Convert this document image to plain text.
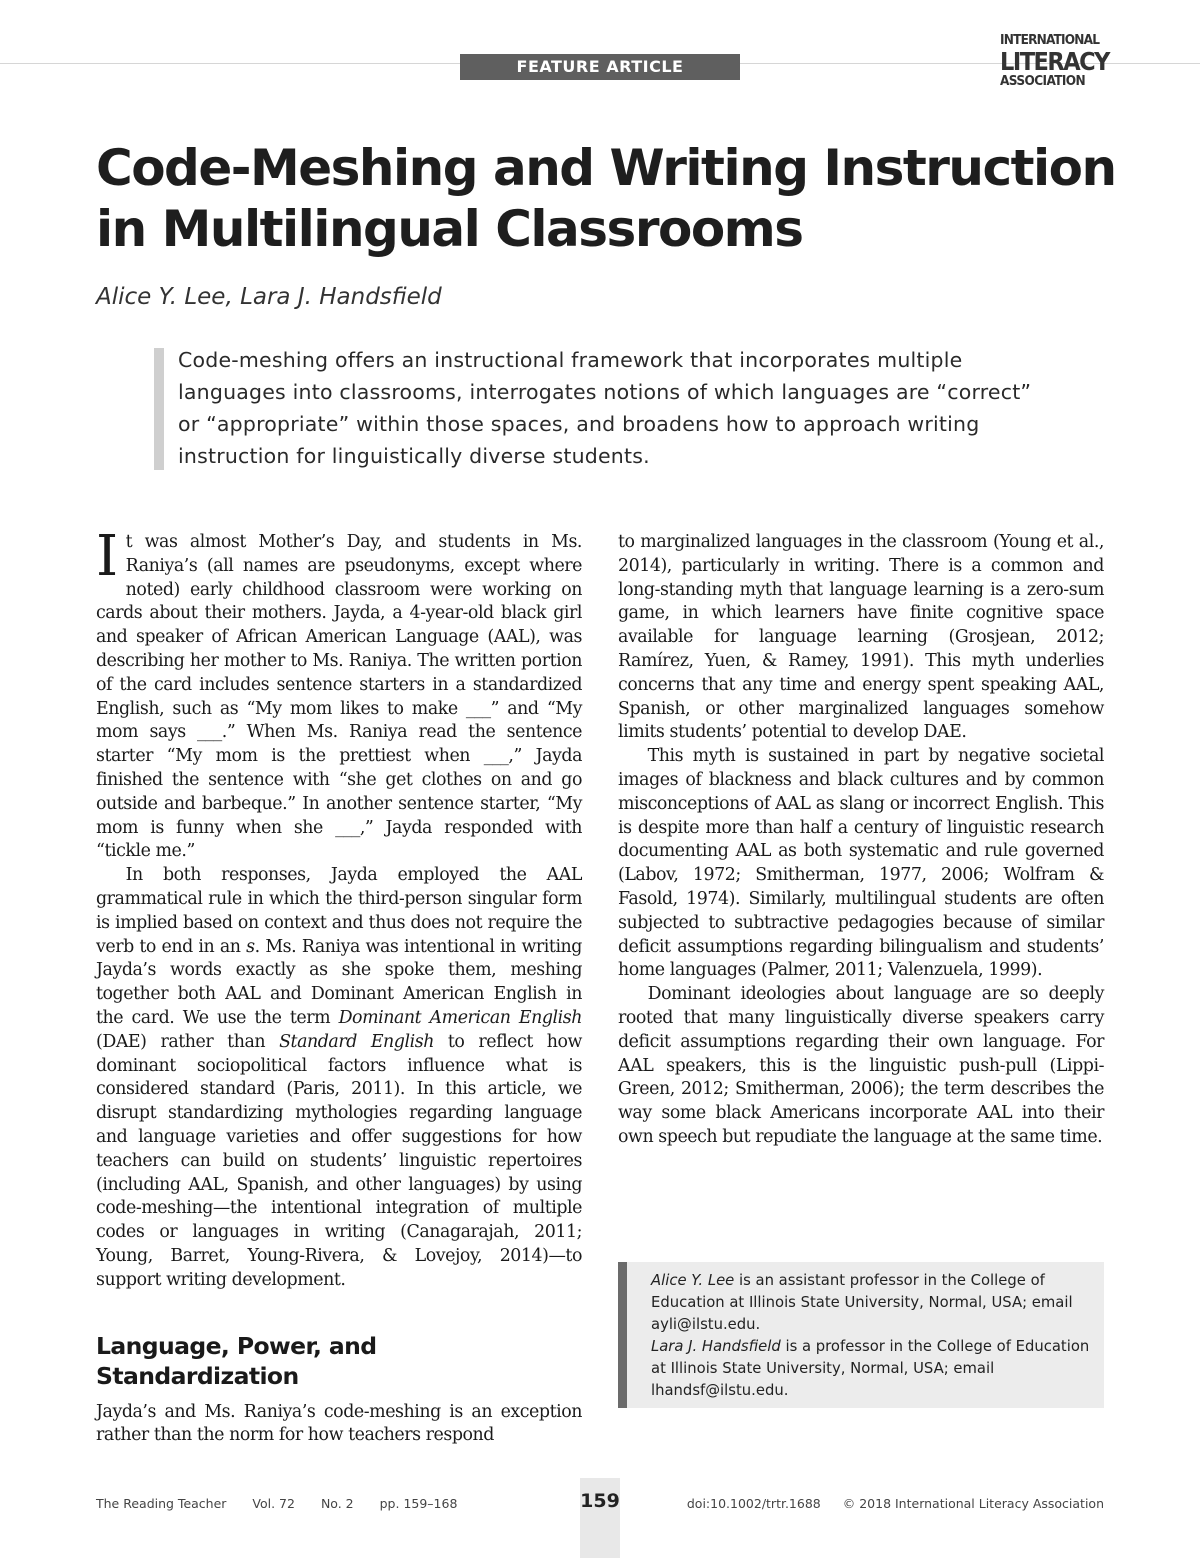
FEATURE ARTICLE
INTERNATIONAL
LITERACY
ASSOCIATION
Code-Meshing and Writing Instruction
in Multilingual Classrooms
Alice Y. Lee, Lara J. Handsfield
Code-meshing offers an instructional framework that incorporates multiple languages into classrooms, interrogates notions of which languages are “correct” or “appropriate” within those spaces, and broadens how to approach writing instruction for linguistically diverse students.

It was almost Mother’s Day, and students in Ms. Raniya’s (all names are pseudonyms, except where noted) early childhood classroom were working on cards about their mothers. Jayda, a 4-year-old black girl and speaker of African American Language (AAL), was describing her mother to Ms. Raniya. The written portion of the card includes sentence starters in a standardized English, such as “My mom likes to make ___” and “My mom says ___.” When Ms. Raniya read the sentence starter “My mom is the prettiest when ___,” Jayda finished the sentence with “she get clothes on and go outside and barbeque.” In another sentence starter, “My mom is funny when she ___,” Jayda responded with “tickle me.”

In both responses, Jayda employed the AAL grammatical rule in which the third-person singular form is implied based on context and thus does not require the verb to end in an s. Ms. Raniya was intentional in writing Jayda’s words exactly as she spoke them, meshing together both AAL and Dominant American English in the card. We use the term Dominant American English (DAE) rather than Standard English to reflect how dominant sociopolitical factors influence what is considered standard (Paris, 2011). In this article, we disrupt standardizing mythologies regarding language and language varieties and offer suggestions for how teachers can build on students’ linguistic repertoires (including AAL, Spanish, and other languages) by using code-meshing—the intentional integration of multiple codes or languages in writing (Canagarajah, 2011; Young, Barret, Young-Rivera, & Lovejoy, 2014)—to support writing development.

Language, Power, and Standardization

Jayda’s and Ms. Raniya’s code-meshing is an exception rather than the norm for how teachers respond

to marginalized languages in the classroom (Young et al., 2014), particularly in writing. There is a common and long-standing myth that language learning is a zero-sum game, in which learners have finite cognitive space available for language learning (Grosjean, 2012; Ramírez, Yuen, & Ramey, 1991). This myth underlies concerns that any time and energy spent speaking AAL, Spanish, or other marginalized languages somehow limits students’ potential to develop DAE.

This myth is sustained in part by negative societal images of blackness and black cultures and by common misconceptions of AAL as slang or incorrect English. This is despite more than half a century of linguistic research documenting AAL as both systematic and rule governed (Labov, 1972; Smitherman, 1977, 2006; Wolfram & Fasold, 1974). Similarly, multilingual students are often subjected to subtractive pedagogies because of similar deficit assumptions regarding bilingualism and students’ home languages (Palmer, 2011; Valenzuela, 1999).

Dominant ideologies about language are so deeply rooted that many linguistically diverse speakers carry deficit assumptions regarding their own language. For AAL speakers, this is the linguistic push-pull (Lippi-Green, 2012; Smitherman, 2006); the term describes the way some black Americans incorporate AAL into their own speech but repudiate the language at the same time.

Alice Y. Lee is an assistant professor in the College of Education at Illinois State University, Normal, USA; email ayli@ilstu.edu.

Lara J. Handsfield is a professor in the College of Education at Illinois State University, Normal, USA; email lhandsf@ilstu.edu.

159
The Reading Teacher Vol. 72 No. 2 pp. 159–168	doi:10.1002/trtr.1688 © 2018 International Literacy Association
